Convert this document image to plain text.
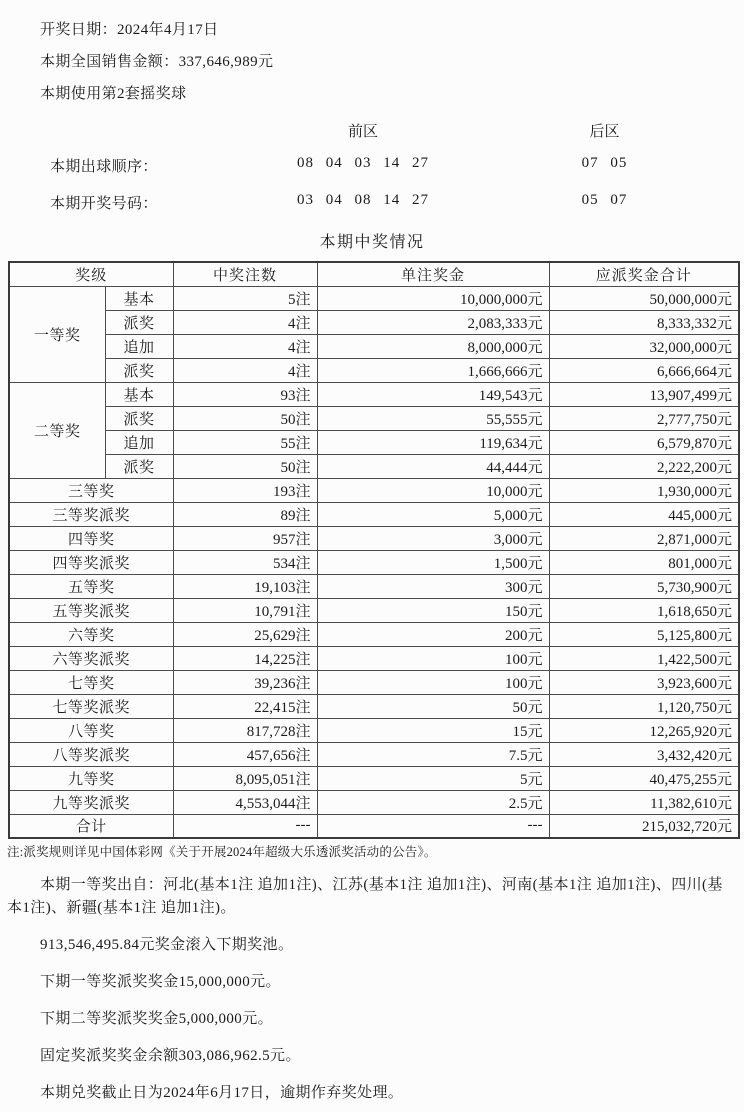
开奖日期：2024年4月17日

本期全国销售金额：337,646,989元

本期使用第2套摇奖球

前区	后区
本期出球顺序：	08 04 03 14 27	07 05
本期开奖号码：	03 04 08 14 27	05 07
本期中奖情况
奖级		中奖注数	单注奖金	应派奖金合计
一等奖	基本	5注	10,000,000元	50,000,000元
	派奖	4注	2,083,333元	8,333,332元
	追加	4注	8,000,000元	32,000,000元
	派奖	4注	1,666,666元	6,666,664元
二等奖	基本	93注	149,543元	13,907,499元
	派奖	50注	55,555元	2,777,750元
	追加	55注	119,634元	6,579,870元
	派奖	50注	44,444元	2,222,200元
三等奖		193注	10,000元	1,930,000元
三等奖派奖		89注	5,000元	445,000元
四等奖		957注	3,000元	2,871,000元
四等奖派奖		534注	1,500元	801,000元
五等奖		19,103注	300元	5,730,900元
五等奖派奖		10,791注	150元	1,618,650元
六等奖		25,629注	200元	5,125,800元
六等奖派奖		14,225注	100元	1,422,500元
七等奖		39,236注	100元	3,923,600元
七等奖派奖		22,415注	50元	1,120,750元
八等奖		817,728注	15元	12,265,920元
八等奖派奖		457,656注	7.5元	3,432,420元
九等奖		8,095,051注	5元	40,475,255元
九等奖派奖		4,553,044注	2.5元	11,382,610元
合计		---	---	215,032,720元

注:派奖规则详见中国体彩网《关于开展2024年超级大乐透派奖活动的公告》。

本期一等奖出自：河北(基本1注 追加1注)、江苏(基本1注 追加1注)、河南(基本1注 追加1注)、四川(基本1注)、新疆(基本1注 追加1注)。

913,546,495.84元奖金滚入下期奖池。

下期一等奖派奖奖金15,000,000元。

下期二等奖派奖奖金5,000,000元。

固定奖派奖奖金余额303,086,962.5元。

本期兑奖截止日为2024年6月17日，逾期作弃奖处理。
